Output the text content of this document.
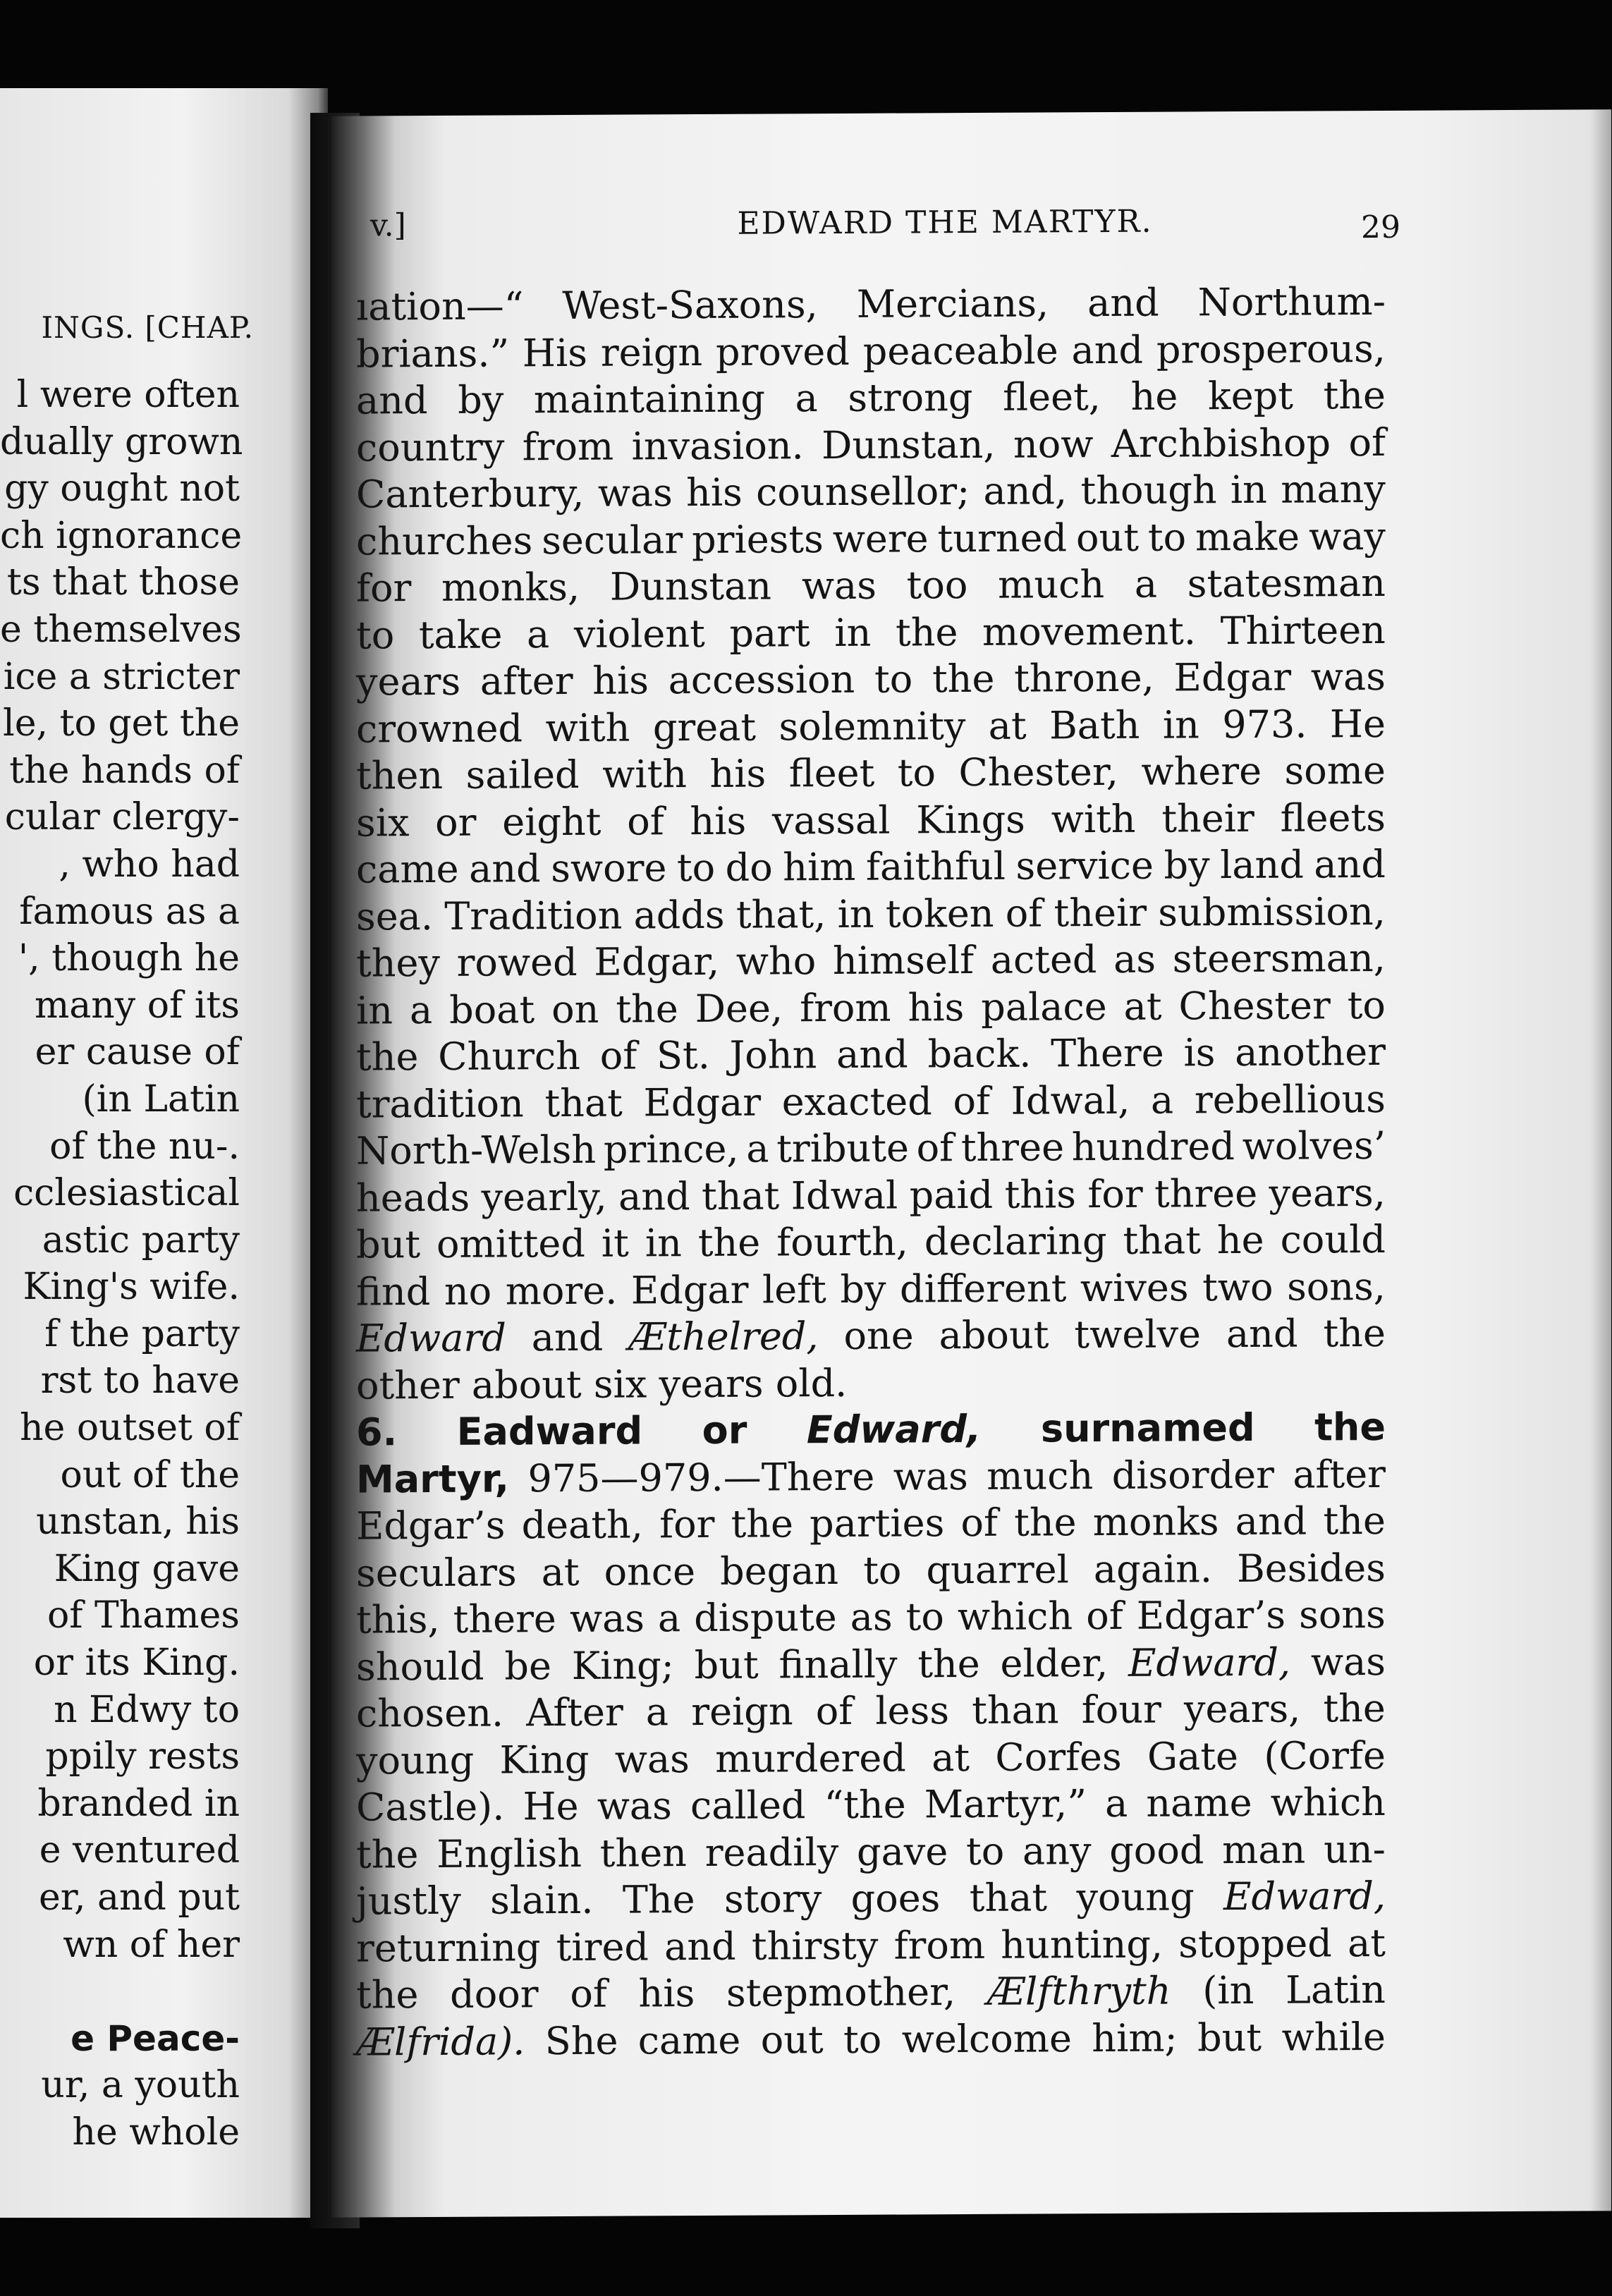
INGS. [CHAP.
l were often
dually grown
gy ought not
ch ignorance
ts that those
e themselves
ice a stricter
le, to get the
the hands of
cular clergy-
, who had
famous as a
', though he
many of its
er cause of
(in Latin
of the nu-.
cclesiastical
astic party
King's wife.
f the party
rst to have
he outset of
out of the
unstan, his
King gave
of Thames
or its King.
n Edwy to
ppily rests
branded in
e ventured
er, and put
wn of her
e Peace-
ur, a youth
he whole
v.]	EDWARD THE MARTYR.	29
ıation—“ West-Saxons, Mercians, and Northum-
brians.” His reign proved peaceable and prosperous,
and by maintaining a strong fleet, he kept the
country from invasion. Dunstan, now Archbishop of
Canterbury, was his counsellor; and, though in many
churches secular priests were turned out to make way
for monks, Dunstan was too much a statesman
to take a violent part in the movement. Thirteen
years after his accession to the throne, Edgar was
crowned with great solemnity at Bath in 973. He
then sailed with his fleet to Chester, where some
six or eight of his vassal Kings with their fleets
came and swore to do him faithful service by land and
sea. Tradition adds that, in token of their submission,
they rowed Edgar, who himself acted as steersman,
in a boat on the Dee, from his palace at Chester to
the Church of St. John and back. There is another
tradition that Edgar exacted of Idwal, a rebellious
North-Welsh prince, a tribute of three hundred wolves’
heads yearly, and that Idwal paid this for three years,
but omitted it in the fourth, declaring that he could
find no more. Edgar left by different wives two sons,
Edward and Æthelred, one about twelve and the
other about six years old.
6. Eadward or Edward, surnamed the
Martyr, 975—979.—There was much disorder after
Edgar’s death, for the parties of the monks and the
seculars at once began to quarrel again. Besides
this, there was a dispute as to which of Edgar’s sons
should be King; but finally the elder, Edward, was
chosen. After a reign of less than four years, the
young King was murdered at Corfes Gate (Corfe
Castle). He was called “the Martyr,” a name which
the English then readily gave to any good man un-
justly slain. The story goes that young Edward,
returning tired and thirsty from hunting, stopped at
the door of his stepmother, Ælfthryth (in Latin
Ælfrida). She came out to welcome him; but while
